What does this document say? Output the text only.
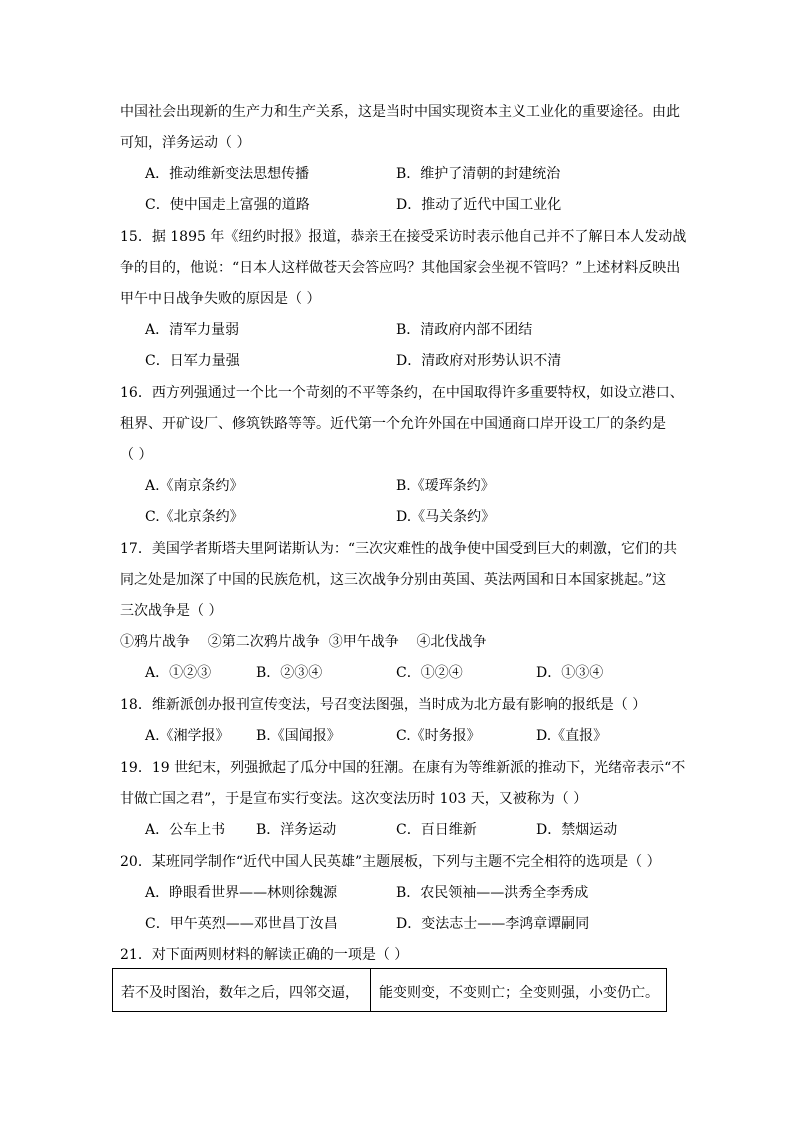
中国社会出现新的生产力和生产关系，这是当时中国实现资本主义工业化的重要途径。由此
可知，洋务运动（ ）
A．推动维新变法思想传播	B．维护了清朝的封建统治
C．使中国走上富强的道路	D．推动了近代中国工业化
15．据 1895 年《纽约时报》报道，恭亲王在接受采访时表示他自己并不了解日本人发动战
争的目的，他说：“日本人这样做苍天会答应吗？其他国家会坐视不管吗？”上述材料反映出
甲午中日战争失败的原因是（ ）
A．清军力量弱	B．清政府内部不团结
C．日军力量强	D．清政府对形势认识不清
16．西方列强通过一个比一个苛刻的不平等条约，在中国取得许多重要特权，如设立港口、
租界、开矿设厂、修筑铁路等等。近代第一个允许外国在中国通商口岸开设工厂的条约是
（ ）
A.《南京条约》	B.《瑷珲条约》
C.《北京条约》	D.《马关条约》
17．美国学者斯塔夫里阿诺斯认为：“三次灾难性的战争使中国受到巨大的刺激，它们的共
同之处是加深了中国的民族危机，这三次战争分别由英国、英法两国和日本国家挑起。”这
三次战争是（ ）
①鸦片战争    ②第二次鸦片战争  ③甲午战争    ④北伐战争
A．①②③	B．②③④	C．①②④	D．①③④
18．维新派创办报刊宣传变法，号召变法图强，当时成为北方最有影响的报纸是（ ）
A.《湘学报》 B.《国闻报》	C.《时务报》	D.《直报》
19．19 世纪末，列强掀起了瓜分中国的狂潮。在康有为等维新派的推动下，光绪帝表示“不
甘做亡国之君”，于是宣布实行变法。这次变法历时 103 天，又被称为（ ）
A．公车上书 B．洋务运动	C．百日维新	D．禁烟运动
20．某班同学制作“近代中国人民英雄”主题展板，下列与主题不完全相符的选项是（ ）
A．睁眼看世界——林则徐魏源	B．农民领袖——洪秀全李秀成
C．甲午英烈——邓世昌丁汝昌	D．变法志士——李鸿章谭嗣同
21．对下面两则材料的解读正确的一项是（ ）
若不及时图治，数年之后，四邻交逼，	能变则变，不变则亡；全变则强，小变仍亡。
